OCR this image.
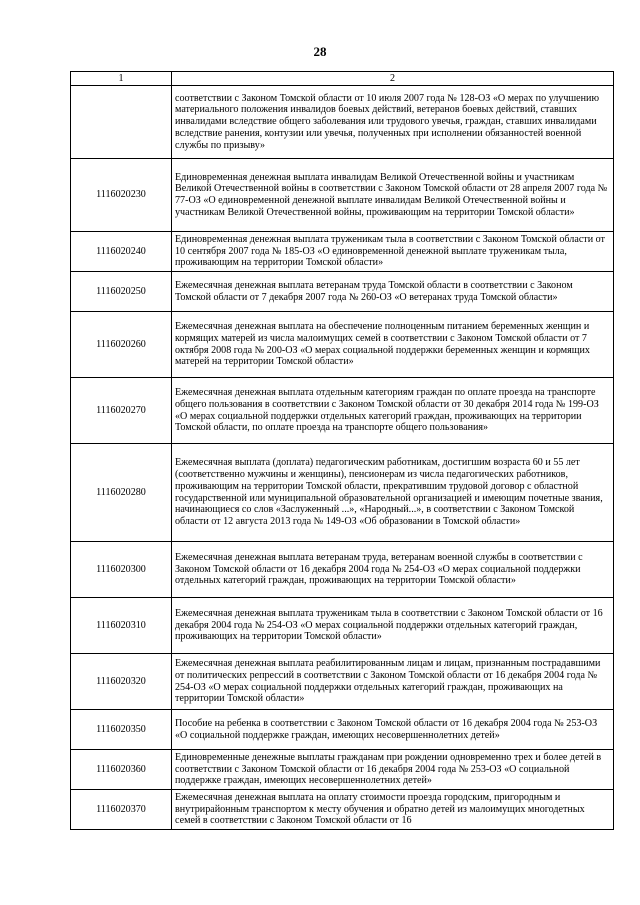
28
1	2
	соответствии с Законом Томской области от 10 июля 2007 года № 128-ОЗ «О мерах по улучшению материального положения инвалидов боевых действий, ветеранов боевых действий, ставших инвалидами вследствие общего заболевания или трудового увечья, граждан, ставших инвалидами вследствие ранения, контузии или увечья, полученных при исполнении обязанностей военной службы по призыву»
1116020230	Единовременная денежная выплата инвалидам Великой Отечественной войны и участникам Великой Отечественной войны в соответствии с Законом Томской области от 28 апреля 2007 года № 77-ОЗ «О единовременной денежной выплате инвалидам Великой Отечественной войны и участникам Великой Отечественной войны, проживающим на территории Томской области»
1116020240	Единовременная денежная выплата труженикам тыла в соответствии с Законом Томской области от 10 сентября 2007 года № 185-ОЗ «О единовременной денежной выплате труженикам тыла, проживающим на территории Томской области»
1116020250	Ежемесячная денежная выплата ветеранам труда Томской области в соответствии с Законом Томской области от 7 декабря 2007 года № 260-ОЗ «О ветеранах труда Томской области»
1116020260	Ежемесячная денежная выплата на обеспечение полноценным питанием беременных женщин и кормящих матерей из числа малоимущих семей в соответствии с Законом Томской области от 7 октября 2008 года № 200-ОЗ «О мерах социальной поддержки беременных женщин и кормящих матерей на территории Томской области»
1116020270	Ежемесячная денежная выплата отдельным категориям граждан по оплате проезда на транспорте общего пользования в соответствии с Законом Томской области от 30 декабря 2014 года № 199-ОЗ «О мерах социальной поддержки отдельных категорий граждан, проживающих на территории Томской области, по оплате проезда на транспорте общего пользования»
1116020280	Ежемесячная выплата (доплата) педагогическим работникам, достигшим возраста 60 и 55 лет (соответственно мужчины и женщины), пенсионерам из числа педагогических работников, проживающим на территории Томской области, прекратившим трудовой договор с областной государственной или муниципальной образовательной организацией и имеющим почетные звания, начинающиеся со слов «Заслуженный ...», «Народный...», в соответствии с Законом Томской области от 12 августа 2013 года № 149-ОЗ «Об образовании в Томской области»
1116020300	Ежемесячная денежная выплата ветеранам труда, ветеранам военной службы в соответствии с Законом Томской области от 16 декабря 2004 года № 254-ОЗ «О мерах социальной поддержки отдельных категорий граждан, проживающих на территории Томской области»
1116020310	Ежемесячная денежная выплата труженикам тыла в соответствии с Законом Томской области от 16 декабря 2004 года № 254-ОЗ «О мерах социальной поддержки отдельных категорий граждан, проживающих на территории Томской области»
1116020320	Ежемесячная денежная выплата реабилитированным лицам и лицам, признанным пострадавшими от политических репрессий в соответствии с Законом Томской области от 16 декабря 2004 года № 254-ОЗ «О мерах социальной поддержки отдельных категорий граждан, проживающих на территории Томской области»
1116020350	Пособие на ребенка в соответствии с Законом Томской области от 16 декабря 2004 года № 253-ОЗ «О социальной поддержке граждан, имеющих несовершеннолетних детей»
1116020360	Единовременные денежные выплаты гражданам при рождении одновременно трех и более детей в соответствии с Законом Томской области от 16 декабря 2004 года № 253-ОЗ «О социальной поддержке граждан, имеющих несовершеннолетних детей»
1116020370	Ежемесячная денежная выплата на оплату стоимости проезда городским, пригородным и внутрирайонным транспортом к месту обучения и обратно детей из малоимущих многодетных семей в соответствии с Законом Томской области от 16
